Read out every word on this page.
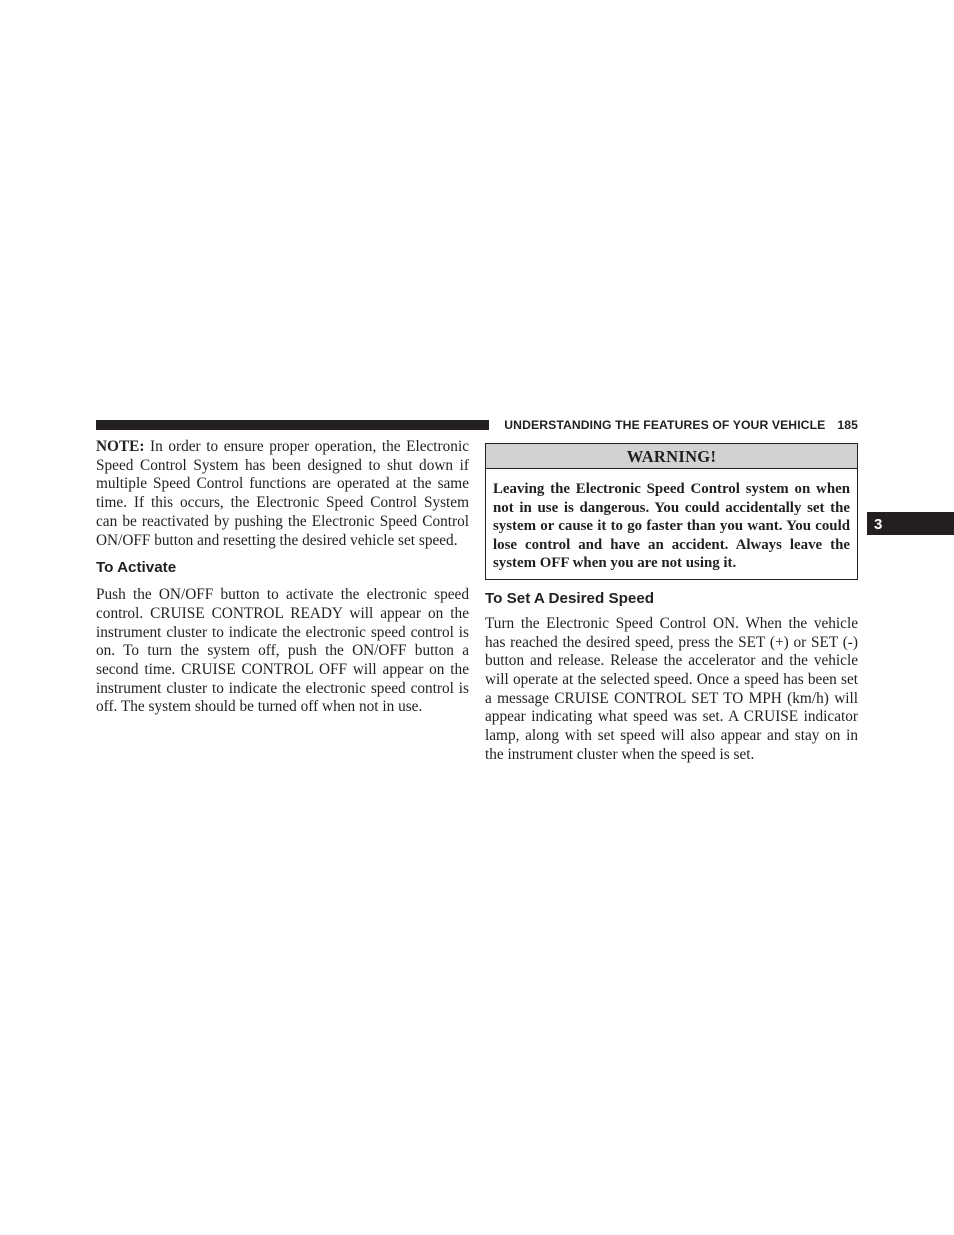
UNDERSTANDING THE FEATURES OF YOUR VEHICLE 185
3

NOTE: In order to ensure proper operation, the Electronic Speed Control System has been designed to shut down if multiple Speed Control functions are operated at the same time. If this occurs, the Electronic Speed Control System can be reactivated by pushing the Electronic Speed Control ON/OFF button and resetting the desired vehicle set speed.

To Activate

Push the ON/OFF button to activate the electronic speed control. CRUISE CONTROL READY will appear on the instrument cluster to indicate the electronic speed control is on. To turn the system off, push the ON/OFF button a second time. CRUISE CONTROL OFF will appear on the instrument cluster to indicate the electronic speed control is off. The system should be turned off when not in use.

WARNING!
Leaving the Electronic Speed Control system on when not in use is dangerous. You could accidentally set the system or cause it to go faster than you want. You could lose control and have an accident. Always leave the system OFF when you are not using it.
To Set A Desired Speed

Turn the Electronic Speed Control ON. When the vehicle has reached the desired speed, press the SET (+) or SET (-) button and release. Release the accelerator and the vehicle will operate at the selected speed. Once a speed has been set a message CRUISE CONTROL SET TO MPH (km/h) will appear indicating what speed was set. A CRUISE indicator lamp, along with set speed will also appear and stay on in the instrument cluster when the speed is set.
